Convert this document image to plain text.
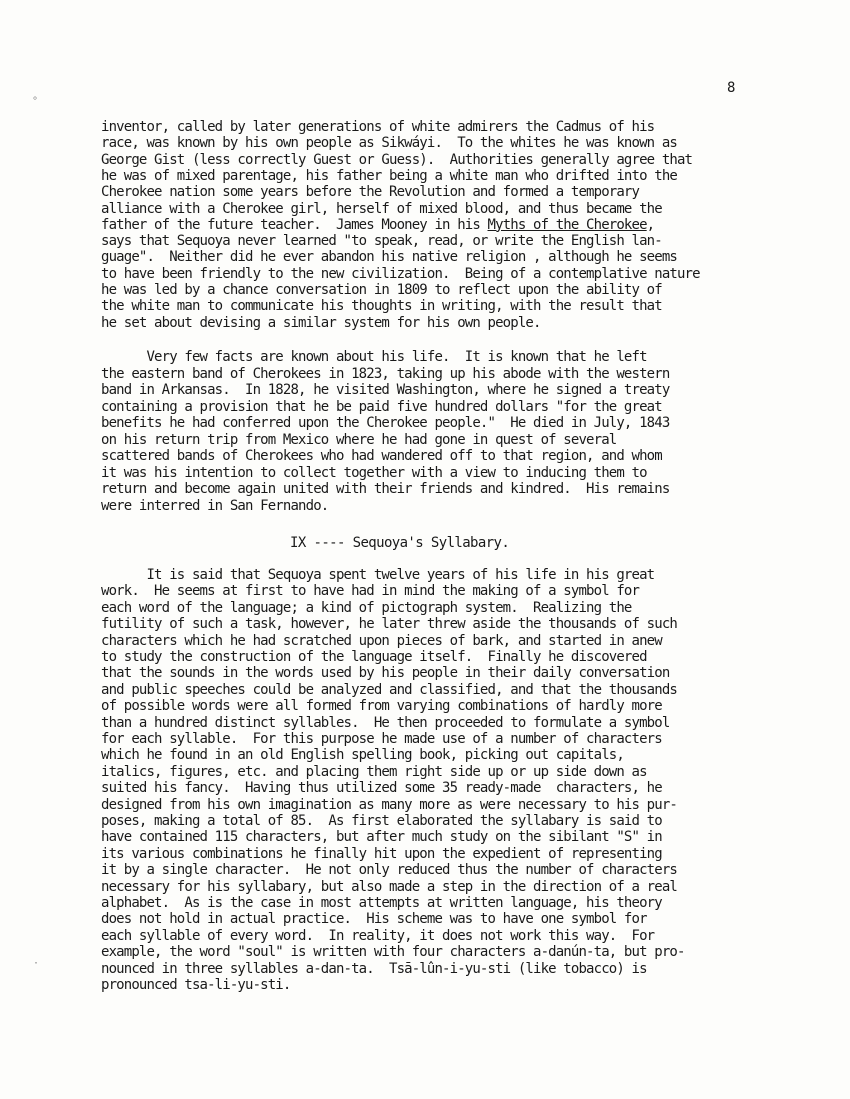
8
°
·
inventor, called by later generations of white admirers the Cadmus of his
race, was known by his own people as Sikwáyi.  To the whites he was known as
George Gist (less correctly Guest or Guess).  Authorities generally agree that
he was of mixed parentage, his father being a white man who drifted into the
Cherokee nation some years before the Revolution and formed a temporary
alliance with a Cherokee girl, herself of mixed blood, and thus became the
father of the future teacher.  James Mooney in his Myths of the Cherokee,
says that Sequoya never learned "to speak, read, or write the English lan-
guage".  Neither did he ever abandon his native religion , although he seems
to have been friendly to the new civilization.  Being of a contemplative nature
he was led by a chance conversation in 1809 to reflect upon the ability of
the white man to communicate his thoughts in writing, with the result that
he set about devising a similar system for his own people.
Very few facts are known about his life.  It is known that he left
the eastern band of Cherokees in 1823, taking up his abode with the western
band in Arkansas.  In 1828, he visited Washington, where he signed a treaty
containing a provision that he be paid five hundred dollars "for the great
benefits he had conferred upon the Cherokee people."  He died in July, 1843
on his return trip from Mexico where he had gone in quest of several
scattered bands of Cherokees who had wandered off to that region, and whom
it was his intention to collect together with a view to inducing them to
return and become again united with their friends and kindred.  His remains
were interred in San Fernando.
IX ---- Sequoya's Syllabary.
It is said that Sequoya spent twelve years of his life in his great
work.  He seems at first to have had in mind the making of a symbol for
each word of the language; a kind of pictograph system.  Realizing the
futility of such a task, however, he later threw aside the thousands of such
characters which he had scratched upon pieces of bark, and started in anew
to study the construction of the language itself.  Finally he discovered
that the sounds in the words used by his people in their daily conversation
and public speeches could be analyzed and classified, and that the thousands
of possible words were all formed from varying combinations of hardly more
than a hundred distinct syllables.  He then proceeded to formulate a symbol
for each syllable.  For this purpose he made use of a number of characters
which he found in an old English spelling book, picking out capitals,
italics, figures, etc. and placing them right side up or up side down as
suited his fancy.  Having thus utilized some 35 ready-made  characters, he
designed from his own imagination as many more as were necessary to his pur-
poses, making a total of 85.  As first elaborated the syllabary is said to
have contained 115 characters, but after much study on the sibilant "S" in
its various combinations he finally hit upon the expedient of representing
it by a single character.  He not only reduced thus the number of characters
necessary for his syllabary, but also made a step in the direction of a real
alphabet.  As is the case in most attempts at written language, his theory
does not hold in actual practice.  His scheme was to have one symbol for
each syllable of every word.  In reality, it does not work this way.  For
example, the word "soul" is written with four characters a-danún-ta, but pro-
nounced in three syllables a-dan-ta.  Tsā-lûn-i-yu-sti (like tobacco) is
pronounced tsa-li-yu-sti.
